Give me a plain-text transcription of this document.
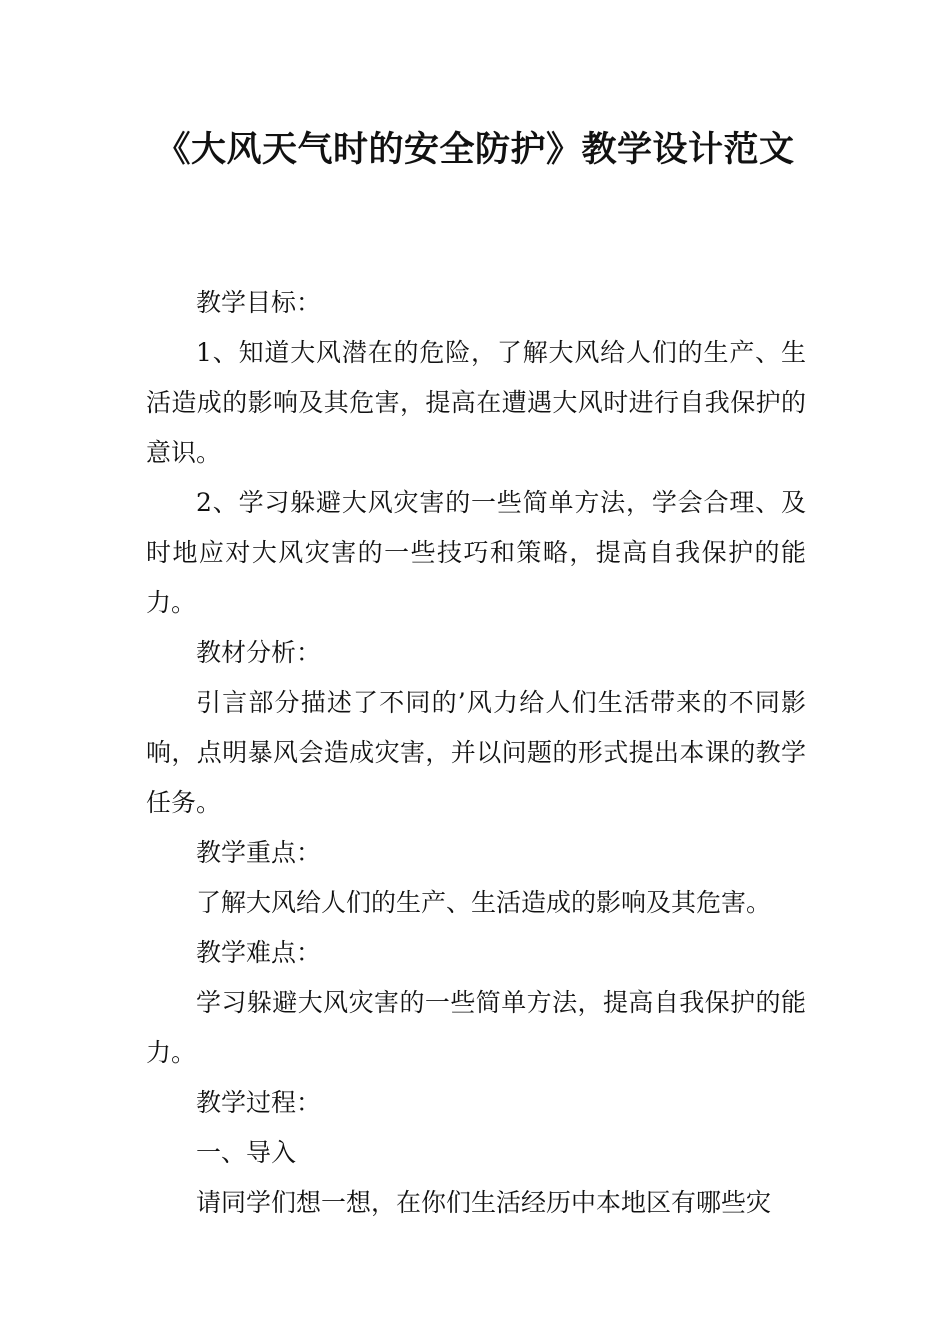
《大风天气时的安全防护》教学设计范文

教学目标：

1、知道大风潜在的危险，了解大风给人们的生产、生活造成的影响及其危害，提高在遭遇大风时进行自我保护的意识。

2、学习躲避大风灾害的一些简单方法，学会合理、及时地应对大风灾害的一些技巧和策略，提高自我保护的能力。

教材分析：

引言部分描述了不同的’风力给人们生活带来的不同影响，点明暴风会造成灾害，并以问题的形式提出本课的教学任务。

教学重点：

了解大风给人们的生产、生活造成的影响及其危害。

教学难点：

学习躲避大风灾害的一些简单方法，提高自我保护的能力。

教学过程：

一、导入

请同学们想一想，在你们生活经历中本地区有哪些灾
